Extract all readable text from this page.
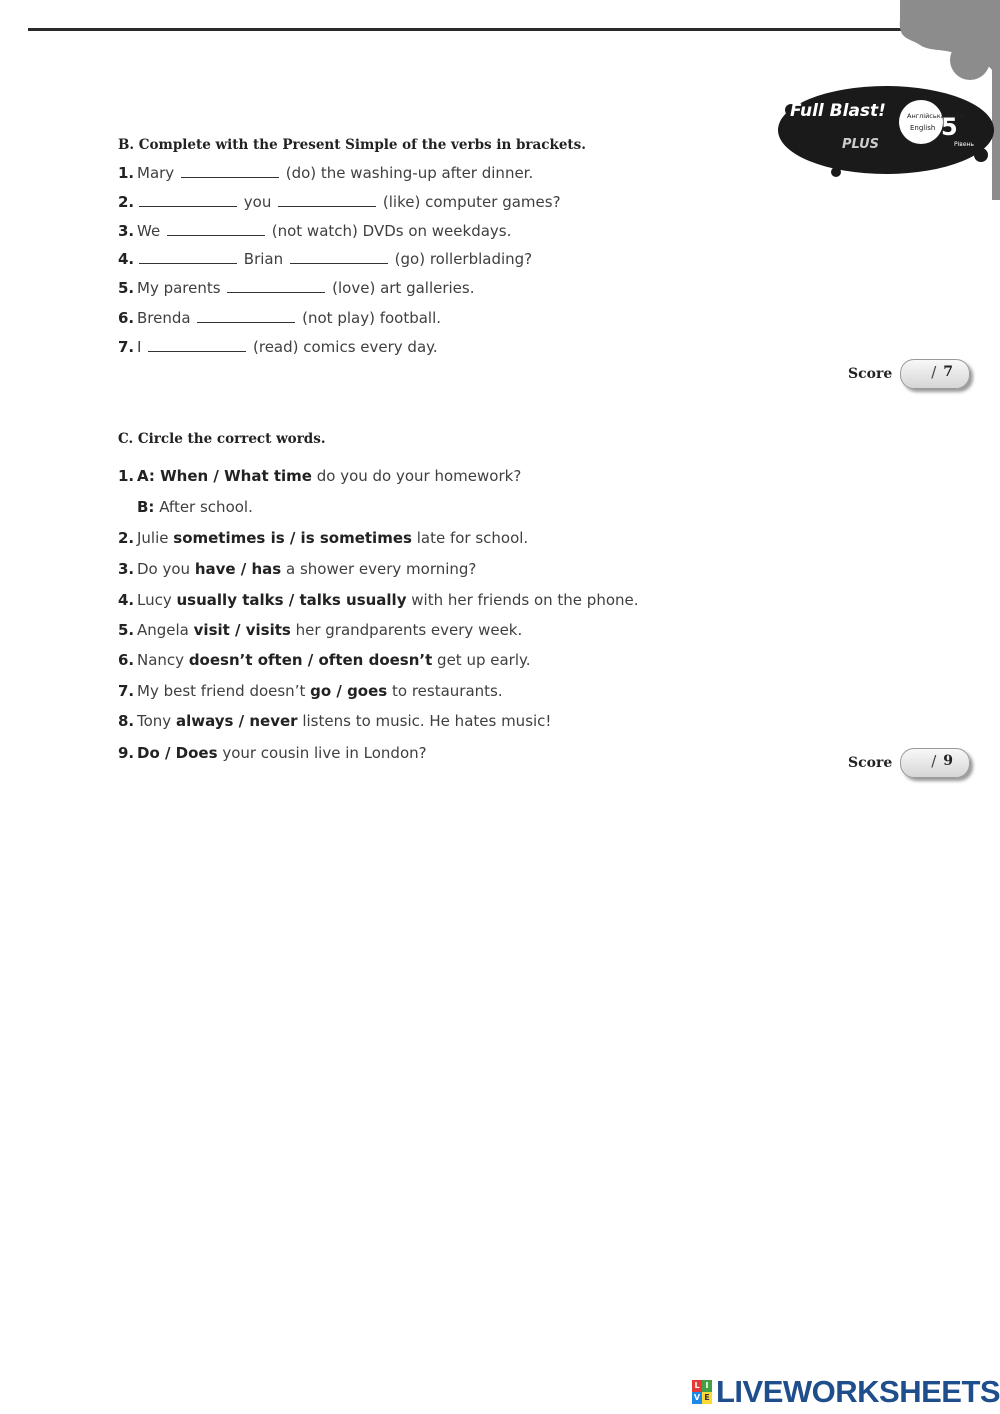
Full Blast!
PLUS
Англійська мова
English 5
Рівень
B. Complete with the Present Simple of the verbs in brackets.
1. Mary	(do) the washing-up after dinner.
2.	you	(like) computer games?
3. We	(not watch) DVDs on weekdays.
4.	Brian	(go) rollerblading?
5. My parents	(love) art galleries.
6. Brenda	(not play) football.
7. I	(read) comics every day.
Score	/ 7
C. Circle the correct words.
1. A: When / What time do you do your homework?
B: After school.
2. Julie sometimes is / is sometimes late for school.
3. Do you have / has a shower every morning?
4. Lucy usually talks / talks usually with her friends on the phone.
5. Angela visit / visits her grandparents every week.
6. Nancy doesn’t often / often doesn’t get up early.
7. My best friend doesn’t go / goes to restaurants.
8. Tony always / never listens to music. He hates music!
9. Do / Does your cousin live in London?
Score	/ 9
L I
V E LIVEWORKSHEETS
